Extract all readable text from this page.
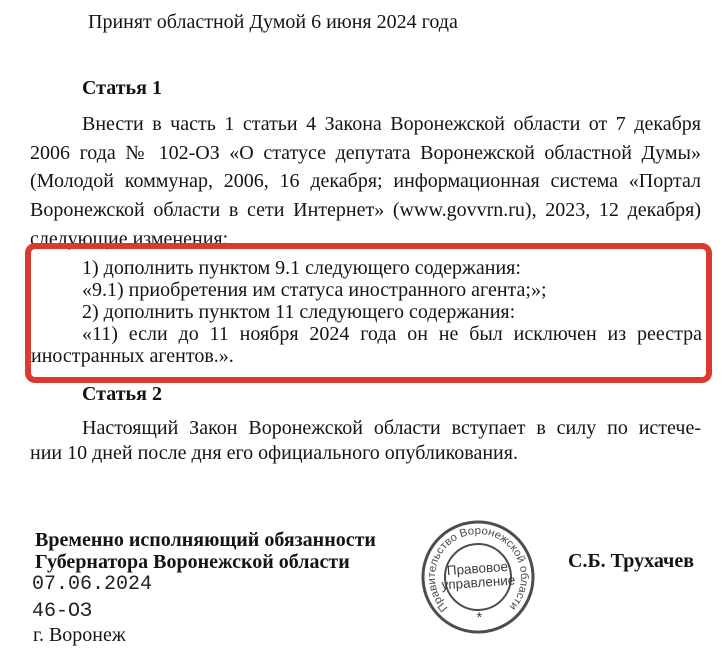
Принят областной Думой 6 июня 2024 года
Статья 1
Внести в часть 1 статьи 4 Закона Воронежской области от 7 декабря
2006 года № 102-ОЗ «О статусе депутата Воронежской областной Думы»
(Молодой коммунар, 2006, 16 декабря; информационная система «Портал
Воронежской области в сети Интернет» (www.govvrn.ru), 2023, 12 декабря)
следующие изменения:
1) дополнить пунктом 9.1 следующего содержания:
«9.1) приобретения им статуса иностранного агента;»;
2) дополнить пунктом 11 следующего содержания:
«11) если до 11 ноября 2024 года он не был исключен из реестра
иностранных агентов.».
Статья 2
Настоящий Закон Воронежской области вступает в силу по истече-
нии 10 дней после дня его официального опубликования.
Временно исполняющий обязанности
Губернатора Воронежской области
07.06.2024
46-ОЗ
г. Воронеж
С.Б. Трухачев
Правительство Воронежской области
Правовое
управление
*
